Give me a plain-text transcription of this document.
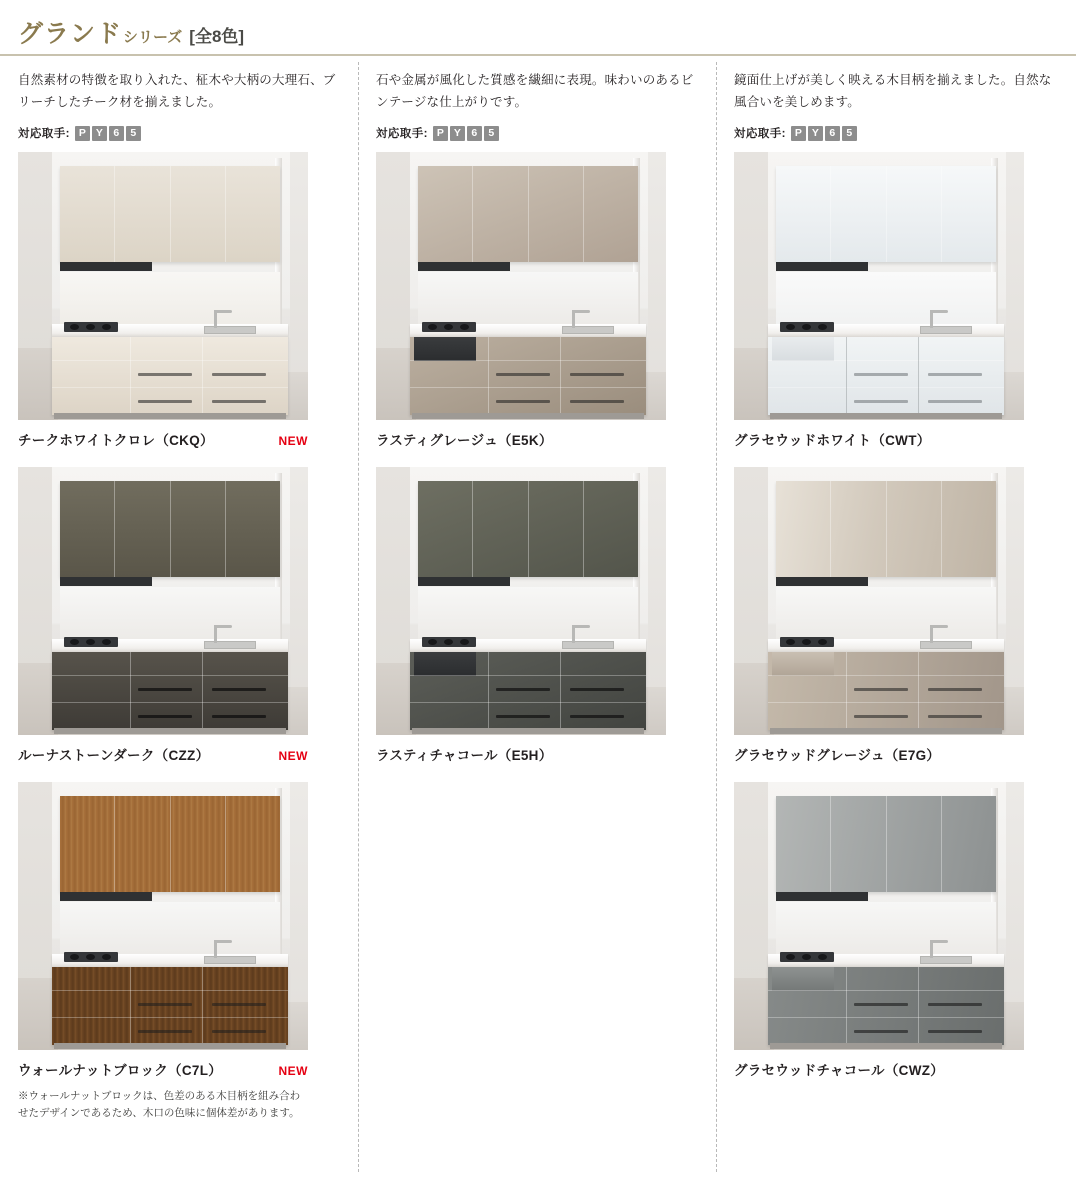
グランドシリーズ [全8色]
自然素材の特徴を取り入れた、柾木や大柄の大理石、ブリーチしたチーク材を揃えました。
対応取手: P Y	6	5
チークホワイトクロレ（CKQ）	NEW
ルーナストーンダーク（CZZ）	NEW
ウォールナットブロック（C7L）	NEW
※ウォールナットブロックは、色差のある木目柄を組み合わせたデザインであるため、木口の色味に個体差があります。
石や金属が風化した質感を繊細に表現。味わいのあるビンテージな仕上がりです。
対応取手: P Y	6	5
ラスティグレージュ（E5K）
ラスティチャコール（E5H）
鏡面仕上げが美しく映える木目柄を揃えました。自然な風合いを美しめます。
対応取手: P Y	6	5
グラセウッドホワイト（CWT）
グラセウッドグレージュ（E7G）
グラセウッドチャコール（CWZ）
